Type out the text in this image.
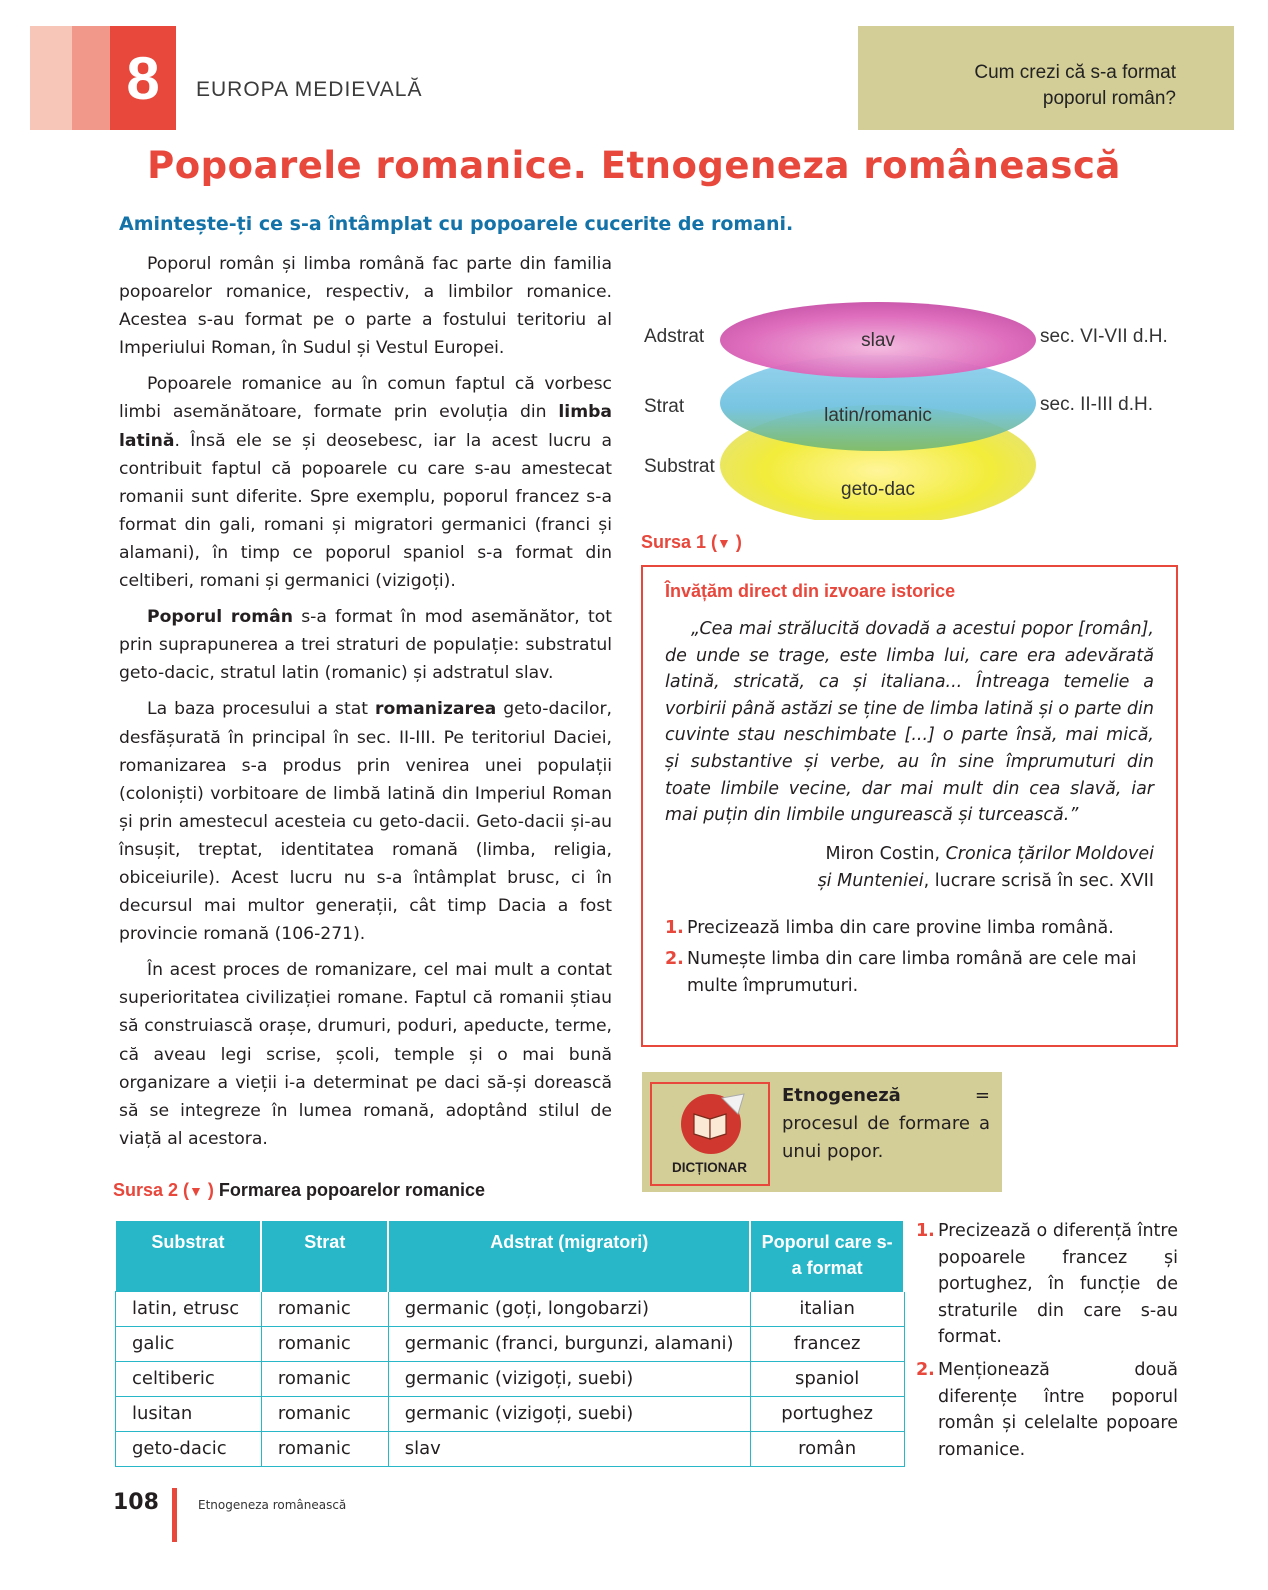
8	EUROPA MEDIEVALĂ
Cum crezi că s-a format
poporul român?
Popoarele romanice. Etnogeneza românească
Amintește-ți ce s-a întâmplat cu popoarele cucerite de romani.

Poporul român și limba română fac parte din familia popoarelor romanice, respectiv, a limbilor romanice. Acestea s-au format pe o parte a fostului teritoriu al Imperiului Roman, în Sudul și Vestul Europei.

Popoarele romanice au în comun faptul că vorbesc limbi asemănătoare, formate prin evoluția din limba latină. Însă ele se și deosebesc, iar la acest lucru a contribuit faptul că popoarele cu care s-au amestecat romanii sunt diferite. Spre exemplu, poporul francez s-a format din gali, romani și migratori germanici (franci și alamani), în timp ce poporul spaniol s-a format din celtiberi, romani și germanici (vizigoți).

Poporul român s-a format în mod asemănător, tot prin suprapunerea a trei straturi de populație: substratul geto-dacic, stratul latin (romanic) și adstratul slav.

La baza procesului a stat romanizarea geto-dacilor, desfășurată în principal în sec. II-III. Pe teritoriul Daciei, romanizarea s-a produs prin venirea unei populații (coloniști) vorbitoare de limbă latină din Imperiul Roman și prin amestecul acesteia cu geto-dacii. Geto-dacii și-au însușit, treptat, identitatea romană (limba, religia, obiceiurile). Acest lucru nu s-a întâmplat brusc, ci în decursul mai multor generații, cât timp Dacia a fost provincie romană (106-271).

În acest proces de romanizare, cel mai mult a contat superioritatea civilizației romane. Faptul că romanii știau să construiască orașe, drumuri, poduri, apeducte, terme, că aveau legi scrise, școli, temple și o mai bună organizare a vieții i-a determinat pe daci să-și dorească să se integreze în lumea romană, adoptând stilul de viață al acestora.

Adstrat
Strat
Substrat
slav
latin/romanic
geto-dac
sec. VI-VII d.H.
sec. II-III d.H.
Sursa 1 (▼ )
Învățăm direct din izvoare istorice
„Cea mai strălucită dovadă a acestui popor [român], de unde se trage, este limba lui, care era adevărată latină, stricată, ca și italiana... Întreaga temelie a vorbirii până astăzi se ține de limba latină și o parte din cuvinte stau neschimbate [...] o parte însă, mai mică, și substantive și verbe, au în sine împrumuturi din toate limbile vecine, dar mai mult din cea slavă, iar mai puțin din limbile ungurească și turcească.”
Miron Costin, Cronica țărilor Moldovei
și Munteniei, lucrare scrisă în sec. XVII
1. Precizează limba din care provine limba română.
2. Numește limba din care limba română are cele mai multe împrumuturi.
DICȚIONAR
Etnogeneză = procesul de formare a unui popor.
Sursa 2 (▼ ) Formarea popoarelor romanice
Substrat	Strat	Adstrat (migratori)	Poporul care s-a format
latin, etrusc	romanic	germanic (goți, longobarzi)	italian
galic	romanic	germanic (franci, burgunzi, alamani)	francez
celtiberic	romanic	germanic (vizigoți, suebi)	spaniol
lusitan	romanic	germanic (vizigoți, suebi)	portughez
geto-dacic	romanic	slav	român
1. Precizează o diferență între popoarele francez și portughez, în funcție de straturile din care s-au format.
2. Menționează două diferențe între poporul român și celelalte popoare romanice.
108	Etnogeneza românească
